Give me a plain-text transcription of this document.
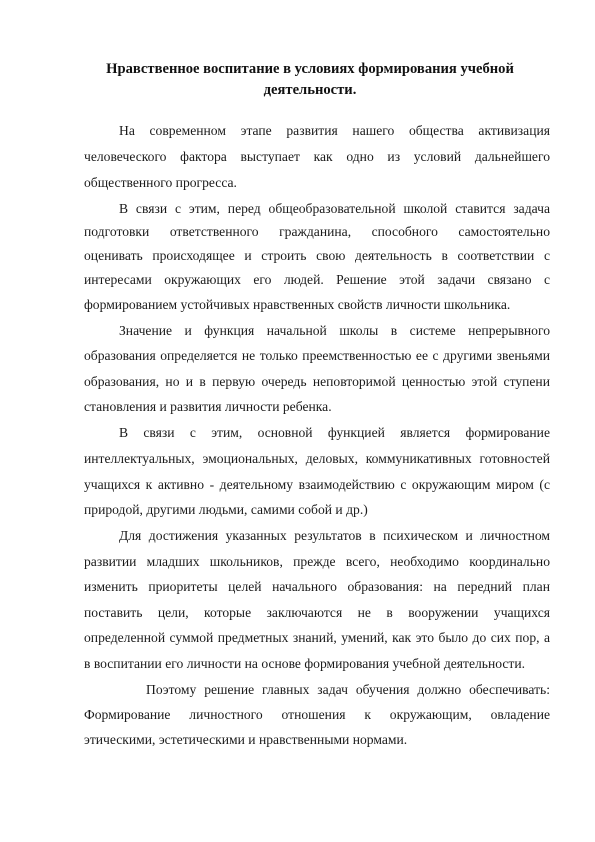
Нравственное воспитание в условиях формирования учебной
деятельности.
На современном этапе развития нашего общества активизация
человеческого фактора выступает как одно из условий дальнейшего
общественного прогресса.
В связи с этим, перед общеобразовательной школой ставится задача
подготовки ответственного гражданина, способного самостоятельно
оценивать происходящее и строить свою деятельность в соответствии с
интересами окружающих его людей. Решение этой задачи связано с
формированием устойчивых нравственных свойств личности школьника.
Значение и функция начальной школы в системе непрерывного
образования определяется не только преемственностью ее с другими звеньями
образования, но и в первую очередь неповторимой ценностью этой ступени
становления и развития личности ребенка.
В связи с этим, основной функцией является формирование
интеллектуальных, эмоциональных, деловых, коммуникативных готовностей
учащихся к активно - деятельному взаимодействию с окружающим миром (с
природой, другими людьми, самими собой и др.)
Для достижения указанных результатов в психическом и личностном
развитии младших школьников, прежде всего, необходимо координально
изменить приоритеты целей начального образования: на передний план
поставить цели, которые заключаются не в вооружении учащихся
определенной суммой предметных знаний, умений, как это было до сих пор, а
в воспитании его личности на основе формирования учебной деятельности.
Поэтому решение главных задач обучения должно обеспечивать:
Формирование личностного отношения к окружающим, овладение
этическими, эстетическими и нравственными нормами.
